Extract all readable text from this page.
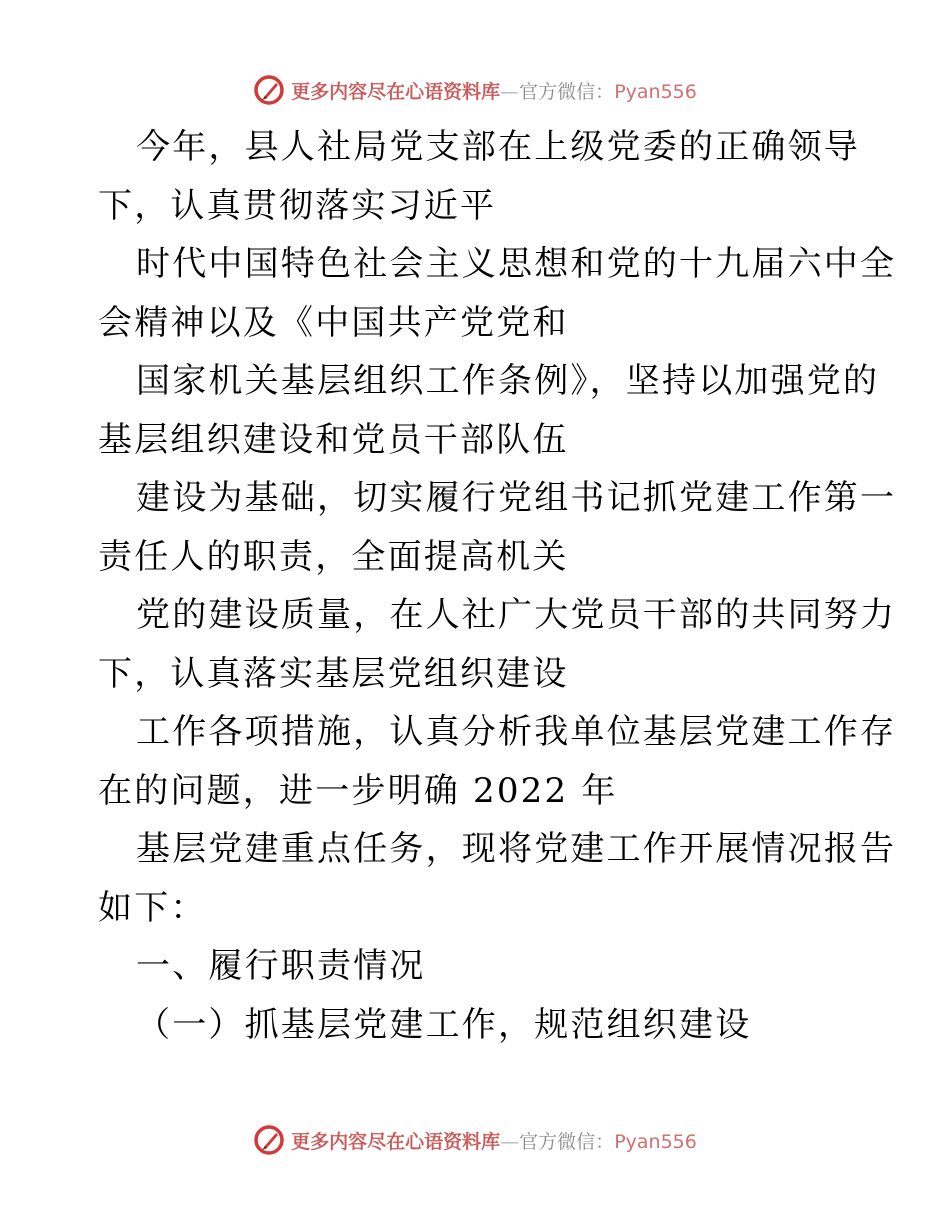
更多内容尽在心语资料库—官方微信：Pyan556
今年，县人社局党支部在上级党委的正确领导
下，认真贯彻落实习近平
时代中国特色社会主义思想和党的十九届六中全
会精神以及《中国共产党党和
国家机关基层组织工作条例》，坚持以加强党的
基层组织建设和党员干部队伍
建设为基础，切实履行党组书记抓党建工作第一
责任人的职责，全面提高机关
党的建设质量，在人社广大党员干部的共同努力
下，认真落实基层党组织建设
工作各项措施，认真分析我单位基层党建工作存
在的问题，进一步明确 2022 年
基层党建重点任务，现将党建工作开展情况报告
如下：
一、履行职责情况
（一）抓基层党建工作，规范组织建设
更多内容尽在心语资料库—官方微信：Pyan556
